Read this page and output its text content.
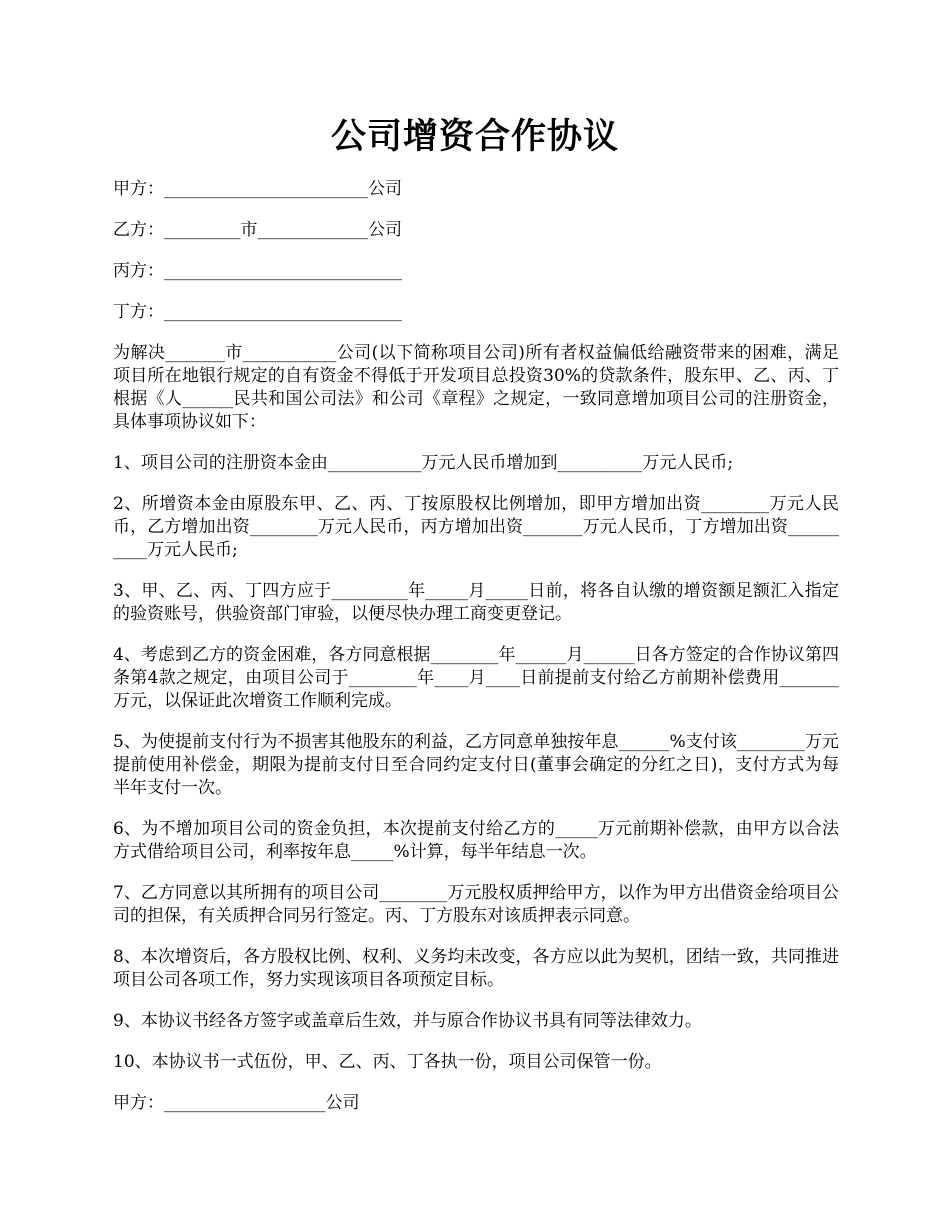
公司增资合作协议

甲方：________________________公司

乙方：_________市_____________公司

丙方：____________________________

丁方：____________________________

为解决_______市___________公司(以下简称项目公司)所有者权益偏低给融资带来的困难，满足项目所在地银行规定的自有资金不得低于开发项目总投资30%的贷款条件，股东甲、乙、丙、丁根据《人______民共和国公司法》和公司《章程》之规定，一致同意增加项目公司的注册资金，具体事项协议如下：

1、项目公司的注册资本金由___________万元人民币增加到__________万元人民币;

2、所增资本金由原股东甲、乙、丙、丁按原股权比例增加，即甲方增加出资________万元人民币，乙方增加出资________万元人民币，丙方增加出资_______万元人民币，丁方增加出资__________万元人民币;

3、甲、乙、丙、丁四方应于_________年_____月_____日前，将各自认缴的增资额足额汇入指定的验资账号，供验资部门审验，以便尽快办理工商变更登记。

4、考虑到乙方的资金困难，各方同意根据________年______月______日各方签定的合作协议第四条第4款之规定，由项目公司于________年____月____日前提前支付给乙方前期补偿费用_______万元，以保证此次增资工作顺利完成。

5、为使提前支付行为不损害其他股东的利益，乙方同意单独按年息______%支付该________万元提前使用补偿金，期限为提前支付日至合同约定支付日(董事会确定的分红之日)，支付方式为每半年支付一次。

6、为不增加项目公司的资金负担，本次提前支付给乙方的_____万元前期补偿款，由甲方以合法方式借给项目公司，利率按年息_____%计算，每半年结息一次。

7、乙方同意以其所拥有的项目公司________万元股权质押给甲方，以作为甲方出借资金给项目公司的担保，有关质押合同另行签定。丙、丁方股东对该质押表示同意。

8、本次增资后，各方股权比例、权利、义务均未改变，各方应以此为契机，团结一致，共同推进项目公司各项工作，努力实现该项目各项预定目标。

9、本协议书经各方签字或盖章后生效，并与原合作协议书具有同等法律效力。

10、本协议书一式伍份，甲、乙、丙、丁各执一份，项目公司保管一份。

甲方：___________________公司
